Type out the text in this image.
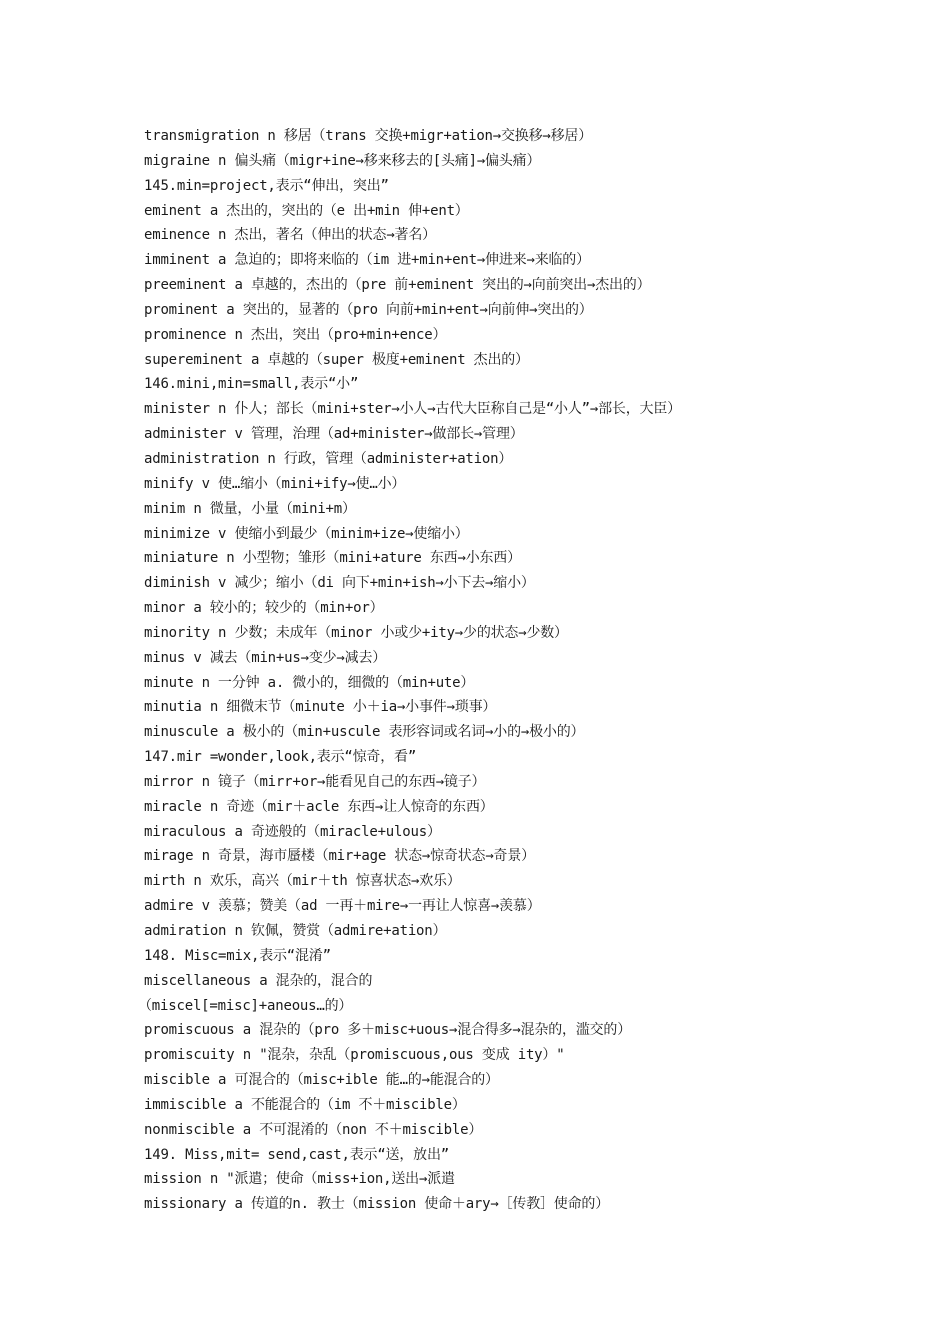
transmigration n 移居（trans 交换+migr+ation→交换移→移居）
migraine n 偏头痛（migr+ine→移来移去的[头痛]→偏头痛）
145.min=project,表示“伸出，突出”
eminent a 杰出的，突出的（e 出+min 伸+ent）
eminence n 杰出，著名（伸出的状态→著名）
imminent a 急迫的；即将来临的（im 进+min+ent→伸进来→来临的）
preeminent a 卓越的，杰出的（pre 前+eminent 突出的→向前突出→杰出的）
prominent a 突出的，显著的（pro 向前+min+ent→向前伸→突出的）
prominence n 杰出，突出（pro+min+ence）
supereminent a 卓越的（super 极度+eminent 杰出的）
146.mini,min=small,表示“小”
minister n 仆人；部长（mini+ster→小人→古代大臣称自己是“小人”→部长，大臣）
administer v 管理，治理（ad+minister→做部长→管理）
administration n 行政，管理（administer+ation）
minify v 使…缩小（mini+ify→使…小）
minim n 微量，小量（mini+m）
minimize v 使缩小到最少（minim+ize→使缩小）
miniature n 小型物；雏形（mini+ature 东西→小东西）
diminish v 减少；缩小（di 向下+min+ish→小下去→缩小）
minor a 较小的；较少的（min+or）
minority n 少数；未成年（minor 小或少+ity→少的状态→少数）
minus v 减去（min+us→变少→减去）
minute n 一分钟 a. 微小的，细微的（min+ute）
minutia n 细微末节（minute 小＋ia→小事件→琐事）
minuscule a 极小的（min+uscule 表形容词或名词→小的→极小的）
147.mir =wonder,look,表示“惊奇，看”
mirror n 镜子（mirr+or→能看见自己的东西→镜子）
miracle n 奇迹（mir＋acle 东西→让人惊奇的东西）
miraculous a 奇迹般的（miracle+ulous）
mirage n 奇景，海市蜃楼（mir+age 状态→惊奇状态→奇景）
mirth n 欢乐，高兴（mir＋th 惊喜状态→欢乐）
admire v 羡慕；赞美（ad 一再＋mire→一再让人惊喜→羡慕）
admiration n 钦佩，赞赏（admire+ation）
148. Misc=mix,表示“混淆”
miscellaneous a 混杂的，混合的
（miscel[=misc]+aneous…的）
promiscuous a 混杂的（pro 多＋misc+uous→混合得多→混杂的，滥交的）
promiscuity n "混杂，杂乱（promiscuous,ous 变成 ity）"
miscible a 可混合的（misc+ible 能…的→能混合的）
immiscible a 不能混合的（im 不＋miscible）
nonmiscible a 不可混淆的（non 不＋miscible）
149. Miss,mit= send,cast,表示“送，放出”
mission n "派遣；使命（miss+ion,送出→派遣
missionary a 传道的n. 教士（mission 使命＋ary→［传教］使命的）
